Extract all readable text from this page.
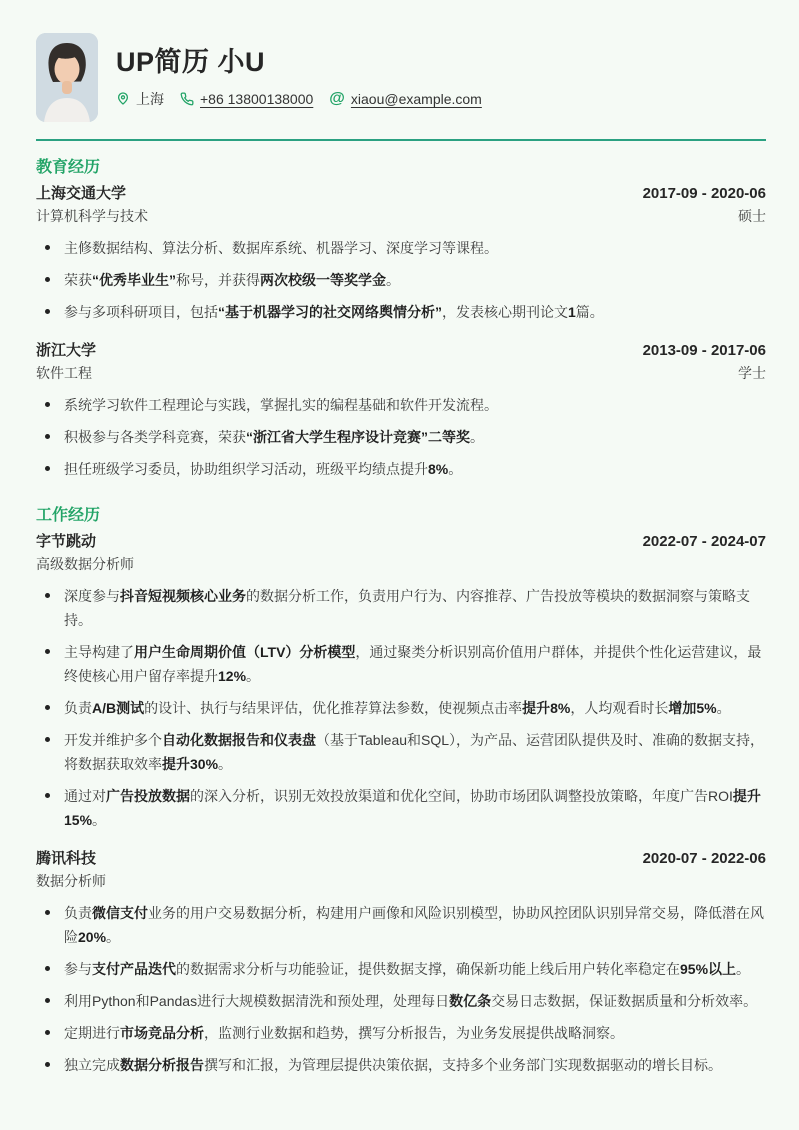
UP简历 小U
上海	+86 13800138000 @ xiaou@example.com
教育经历
上海交通大学	2017-09 - 2020-06
计算机科学与技术	硕士
主修数据结构、算法分析、数据库系统、机器学习、深度学习等课程。
荣获“优秀毕业生”称号，并获得两次校级一等奖学金。
参与多项科研项目，包括“基于机器学习的社交网络舆情分析”，发表核心期刊论文1篇。
浙江大学	2013-09 - 2017-06
软件工程	学士
系统学习软件工程理论与实践，掌握扎实的编程基础和软件开发流程。
积极参与各类学科竞赛，荣获“浙江省大学生程序设计竞赛”二等奖。
担任班级学习委员，协助组织学习活动，班级平均绩点提升8%。
工作经历
字节跳动	2022-07 - 2024-07
高级数据分析师
深度参与抖音短视频核心业务的数据分析工作，负责用户行为、内容推荐、广告投放等模块的数据洞察与策略支持。
主导构建了用户生命周期价值（LTV）分析模型，通过聚类分析识别高价值用户群体，并提供个性化运营建议，最终使核心用户留存率提升12%。
负责A/B测试的设计、执行与结果评估，优化推荐算法参数，使视频点击率提升8%，人均观看时长增加5%。
开发并维护多个自动化数据报告和仪表盘（基于Tableau和SQL），为产品、运营团队提供及时、准确的数据支持，将数据获取效率提升30%。
通过对广告投放数据的深入分析，识别无效投放渠道和优化空间，协助市场团队调整投放策略，年度广告ROI提升15%。
腾讯科技	2020-07 - 2022-06
数据分析师
负责微信支付业务的用户交易数据分析，构建用户画像和风险识别模型，协助风控团队识别异常交易，降低潜在风险20%。
参与支付产品迭代的数据需求分析与功能验证，提供数据支撑，确保新功能上线后用户转化率稳定在95%以上。
利用Python和Pandas进行大规模数据清洗和预处理，处理每日数亿条交易日志数据，保证数据质量和分析效率。
定期进行市场竞品分析，监测行业数据和趋势，撰写分析报告，为业务发展提供战略洞察。
独立完成数据分析报告撰写和汇报，为管理层提供决策依据，支持多个业务部门实现数据驱动的增长目标。
